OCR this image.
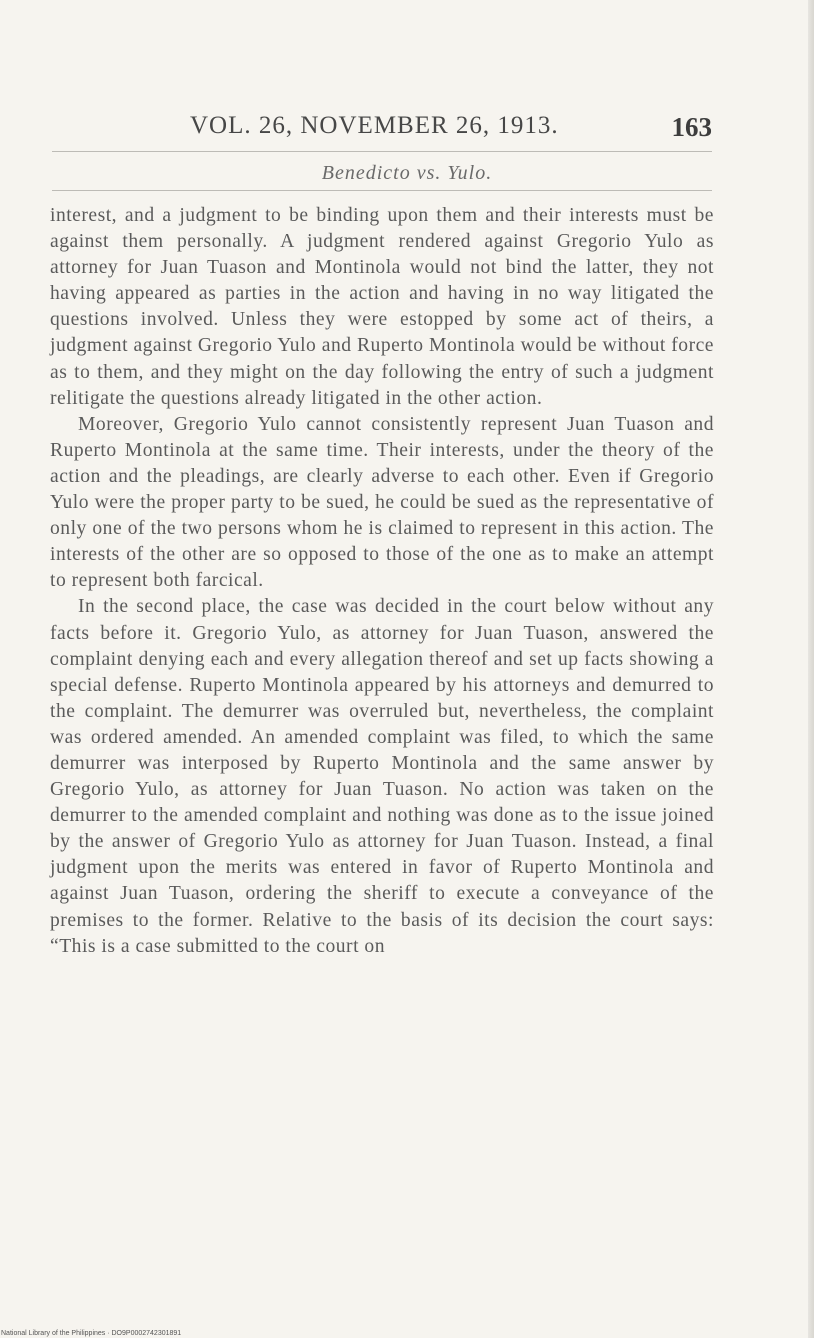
VOL. 26, NOVEMBER 26, 1913.	163
Benedicto vs. Yulo.

interest, and a judgment to be binding upon them and their interests must be against them personally. A judgment rendered against Gregorio Yulo as attorney for Juan Tuason and Montinola would not bind the latter, they not having appeared as parties in the action and having in no way litigated the questions involved. Unless they were estopped by some act of theirs, a judgment against Gregorio Yulo and Ruperto Montinola would be without force as to them, and they might on the day following the entry of such a judgment relitigate the questions already litigated in the other action.

Moreover, Gregorio Yulo cannot consistently represent Juan Tuason and Ruperto Montinola at the same time. Their interests, under the theory of the action and the pleadings, are clearly adverse to each other. Even if Gregorio Yulo were the proper party to be sued, he could be sued as the representative of only one of the two persons whom he is claimed to represent in this action. The interests of the other are so opposed to those of the one as to make an attempt to represent both farcical.

In the second place, the case was decided in the court below without any facts before it. Gregorio Yulo, as attorney for Juan Tuason, answered the complaint denying each and every allegation thereof and set up facts showing a special defense. Ruperto Montinola appeared by his attorneys and demurred to the complaint. The demurrer was overruled but, nevertheless, the complaint was ordered amended. An amended complaint was filed, to which the same demurrer was interposed by Ruperto Montinola and the same answer by Gregorio Yulo, as attorney for Juan Tuason. No action was taken on the demurrer to the amended complaint and nothing was done as to the issue joined by the answer of Gregorio Yulo as attorney for Juan Tuason. Instead, a final judgment upon the merits was entered in favor of Ruperto Montinola and against Juan Tuason, ordering the sheriff to execute a conveyance of the premises to the former. Relative to the basis of its decision the court says: “This is a case submitted to the court on

National Library of the Philippines · DO9P0002742301891
